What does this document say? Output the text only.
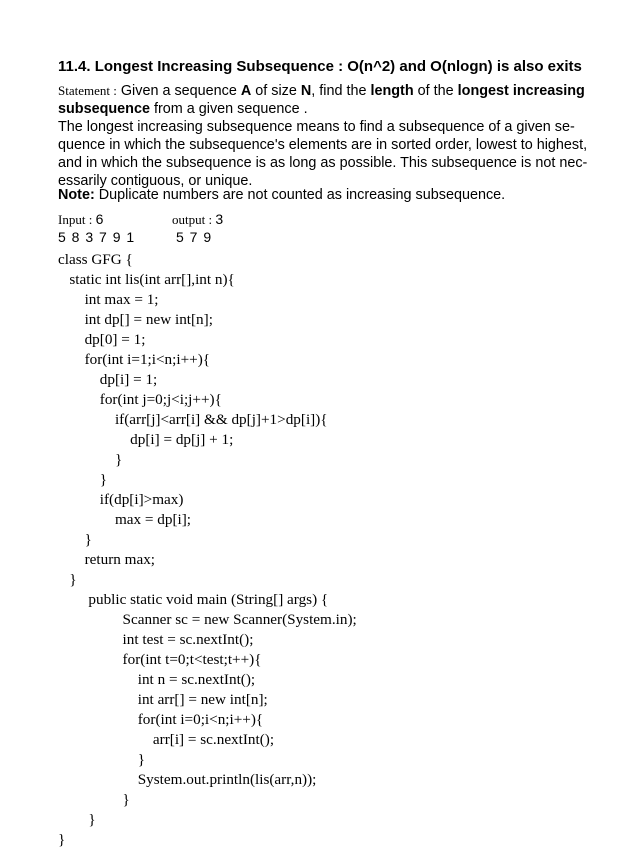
11.4. Longest Increasing Subsequence : O(n^2) and O(nlogn) is also exits
Statement : Given a sequence A of size N, find the length of the longest increasing subsequence from a given sequence .
The longest increasing subsequence means to find a subsequence of a given se-
quence in which the subsequence's elements are in sorted order, lowest to highest,
and in which the subsequence is as long as possible. This subsequence is not nec-
essarily contiguous, or unique.
Note: Duplicate numbers are not counted as increasing subsequence.
Input : 6
5 8 3 7 9 1
output : 3
5 7 9
class GFG {
static int lis(int arr[],int n){
int max = 1;
int dp[] = new int[n];
dp[0] = 1;
for(int i=1;i<n;i++){
dp[i] = 1;
for(int j=0;j<i;j++){
if(arr[j]<arr[i] && dp[j]+1>dp[i]){
dp[i] = dp[j] + 1;
}
}
if(dp[i]>max)
max = dp[i];
}
return max;
}
public static void main (String[] args) {
Scanner sc = new Scanner(System.in);
int test = sc.nextInt();
for(int t=0;t<test;t++){
int n = sc.nextInt();
int arr[] = new int[n];
for(int i=0;i<n;i++){
arr[i] = sc.nextInt();
}
System.out.println(lis(arr,n));
}
}
}
